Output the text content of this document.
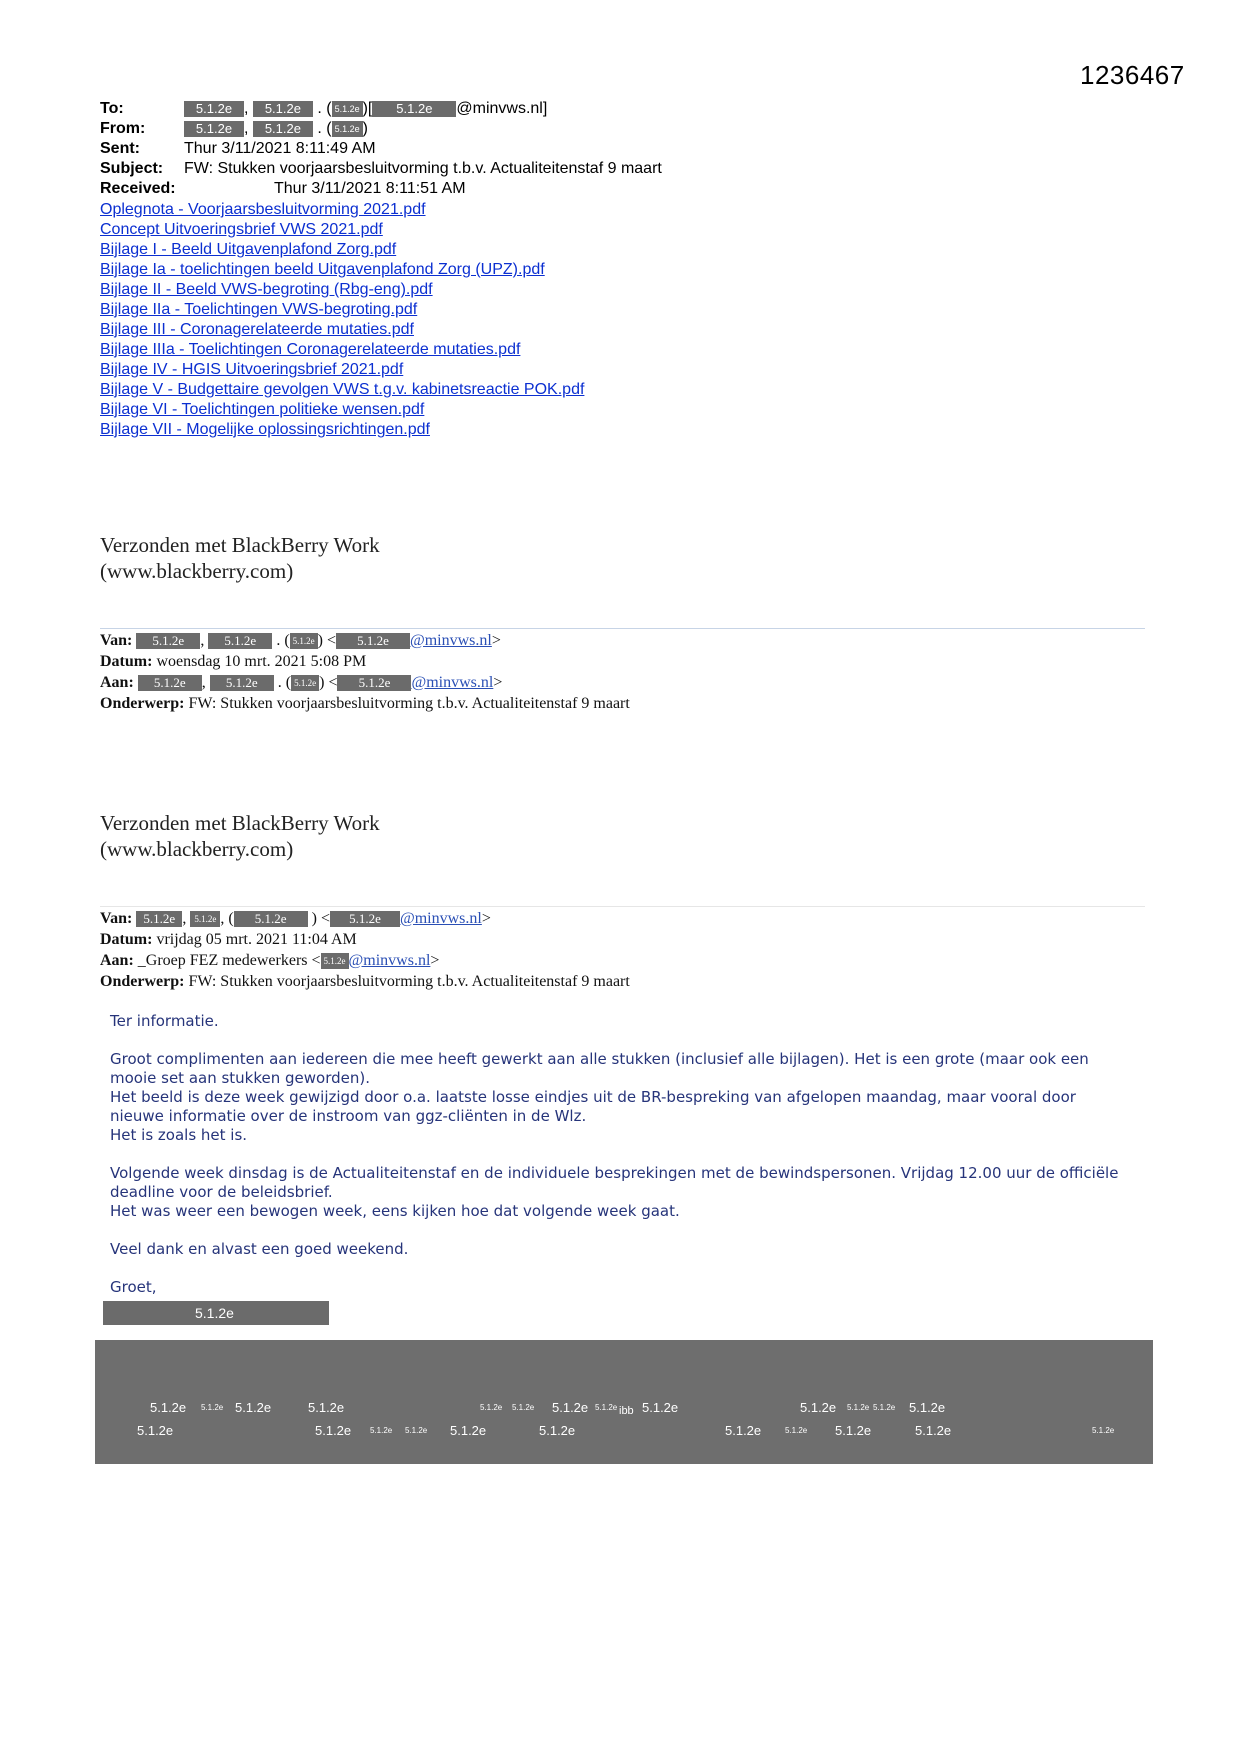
1236467
To:	5.1.2e , 5.1.2e . ( 5.1.2e )[	5.1.2e	@minvws.nl]
From:	5.1.2e , 5.1.2e . ( 5.1.2e )
Sent:	Thur 3/11/2021 8:11:49 AM
Subject:	FW: Stukken voorjaarsbesluitvorming t.b.v. Actualiteitenstaf 9 maart
Received:	Thur 3/11/2021 8:11:51 AM
Oplegnota - Voorjaarsbesluitvorming 2021.pdf
Concept Uitvoeringsbrief VWS 2021.pdf
Bijlage I - Beeld Uitgavenplafond Zorg.pdf
Bijlage Ia - toelichtingen beeld Uitgavenplafond Zorg (UPZ).pdf
Bijlage II - Beeld VWS-begroting (Rbg-eng).pdf
Bijlage IIa - Toelichtingen VWS-begroting.pdf
Bijlage III - Coronagerelateerde mutaties.pdf
Bijlage IIIa - Toelichtingen Coronagerelateerde mutaties.pdf
Bijlage IV - HGIS Uitvoeringsbrief 2021.pdf
Bijlage V - Budgettaire gevolgen VWS t.g.v. kabinetsreactie POK.pdf
Bijlage VI - Toelichtingen politieke wensen.pdf
Bijlage VII - Mogelijke oplossingsrichtingen.pdf
Verzonden met BlackBerry Work
(www.blackberry.com)
Van:	5.1.2e	,	5.1.2e	. ( 5.1.2e ) <	5.1.2e	@minvws.nl >
Datum: woensdag 10 mrt. 2021 5:08 PM
Aan:	5.1.2e	,	5.1.2e	. ( 5.1.2e ) <	5.1.2e	@minvws.nl >
Onderwerp: FW: Stukken voorjaarsbesluitvorming t.b.v. Actualiteitenstaf 9 maart
Verzonden met BlackBerry Work
(www.blackberry.com)
Van: 5.1.2e , 5.1.2e , (	5.1.2e	) <	5.1.2e	@minvws.nl >
Datum: vrijdag 05 mrt. 2021 11:04 AM
Aan: _Groep FEZ medewerkers < 5.1.2e @minvws.nl >
Onderwerp: FW: Stukken voorjaarsbesluitvorming t.b.v. Actualiteitenstaf 9 maart

Ter informatie.

Groot complimenten aan iedereen die mee heeft gewerkt aan alle stukken (inclusief alle bijlagen). Het is een grote (maar ook een mooie set aan stukken geworden).
Het beeld is deze week gewijzigd door o.a. laatste losse eindjes uit de BR-bespreking van afgelopen maandag, maar vooral door nieuwe informatie over de instroom van ggz-cliënten in de Wlz.

Het is zoals het is.

Volgende week dinsdag is de Actualiteitenstaf en de individuele besprekingen met de bewindspersonen. Vrijdag 12.00 uur de officiële deadline voor de beleidsbrief.

Het was weer een bewogen week, eens kijken hoe dat volgende week gaat.

Veel dank en alvast een goed weekend.

Groet,
5.1.2e
5.1.2e 5.1.2e 5.1.2e	5.1.2e	5.1.2e 5.1.2e 5.1.2e 5.1.2e ibb 5.1.2e	5.1.2e 5.1.2e 5.1.2e 5.1.2e
5.1.2e	5.1.2e 5.1.2e 5.1.2e 5.1.2e	5.1.2e	5.1.2e	5.1.2e 5.1.2e	5.1.2e	5.1.2e
